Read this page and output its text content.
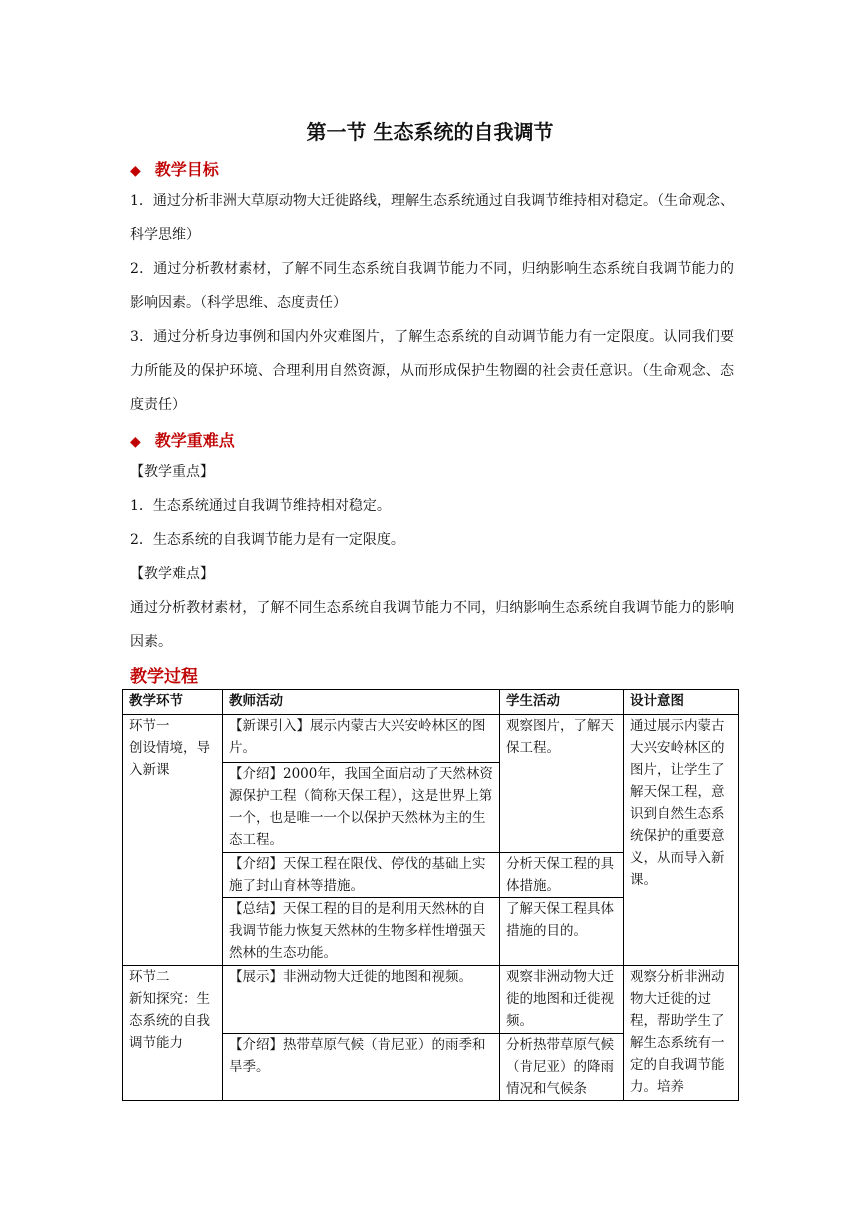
第一节 生态系统的自我调节
◆ 教学目标

1．通过分析非洲大草原动物大迁徙路线，理解生态系统通过自我调节维持相对稳定。（生命观念、科学思维）

2．通过分析教材素材，了解不同生态系统自我调节能力不同，归纳影响生态系统自我调节能力的影响因素。（科学思维、态度责任）

3．通过分析身边事例和国内外灾难图片，了解生态系统的自动调节能力有一定限度。认同我们要力所能及的保护环境、合理利用自然资源，从而形成保护生物圈的社会责任意识。（生命观念、态度责任）

◆ 教学重难点

【教学重点】

1．生态系统通过自我调节维持相对稳定。

2．生态系统的自我调节能力是有一定限度。

【教学难点】

通过分析教材素材，了解不同生态系统自我调节能力不同，归纳影响生态系统自我调节能力的影响因素。

教学过程
教学环节	教师活动	学生活动	设计意图
环节一
创设情境，导入新课	【新课引入】展示内蒙古大兴安岭林区的图片。	观察图片，了解天保工程。	通过展示内蒙古大兴安岭林区的图片，让学生了解天保工程，意识到自然生态系统保护的重要意义，从而导入新课。
	【介绍】2000年，我国全面启动了天然林资源保护工程（简称天保工程），这是世界上第一个，也是唯一一个以保护天然林为主的生态工程。		
	【介绍】天保工程在限伐、停伐的基础上实施了封山育林等措施。	分析天保工程的具体措施。	
	【总结】天保工程的目的是利用天然林的自我调节能力恢复天然林的生物多样性增强天然林的生态功能。	了解天保工程具体措施的目的。	
环节二
新知探究：生态系统的自我调节能力	【展示】非洲动物大迁徙的地图和视频。	观察非洲动物大迁徙的地图和迁徙视频。	观察分析非洲动物大迁徙的过程，帮助学生了解生态系统有一定的自我调节能力。培养
	【介绍】热带草原气候（肯尼亚）的雨季和旱季。	分析热带草原气候（肯尼亚）的降雨情况和气候条	
